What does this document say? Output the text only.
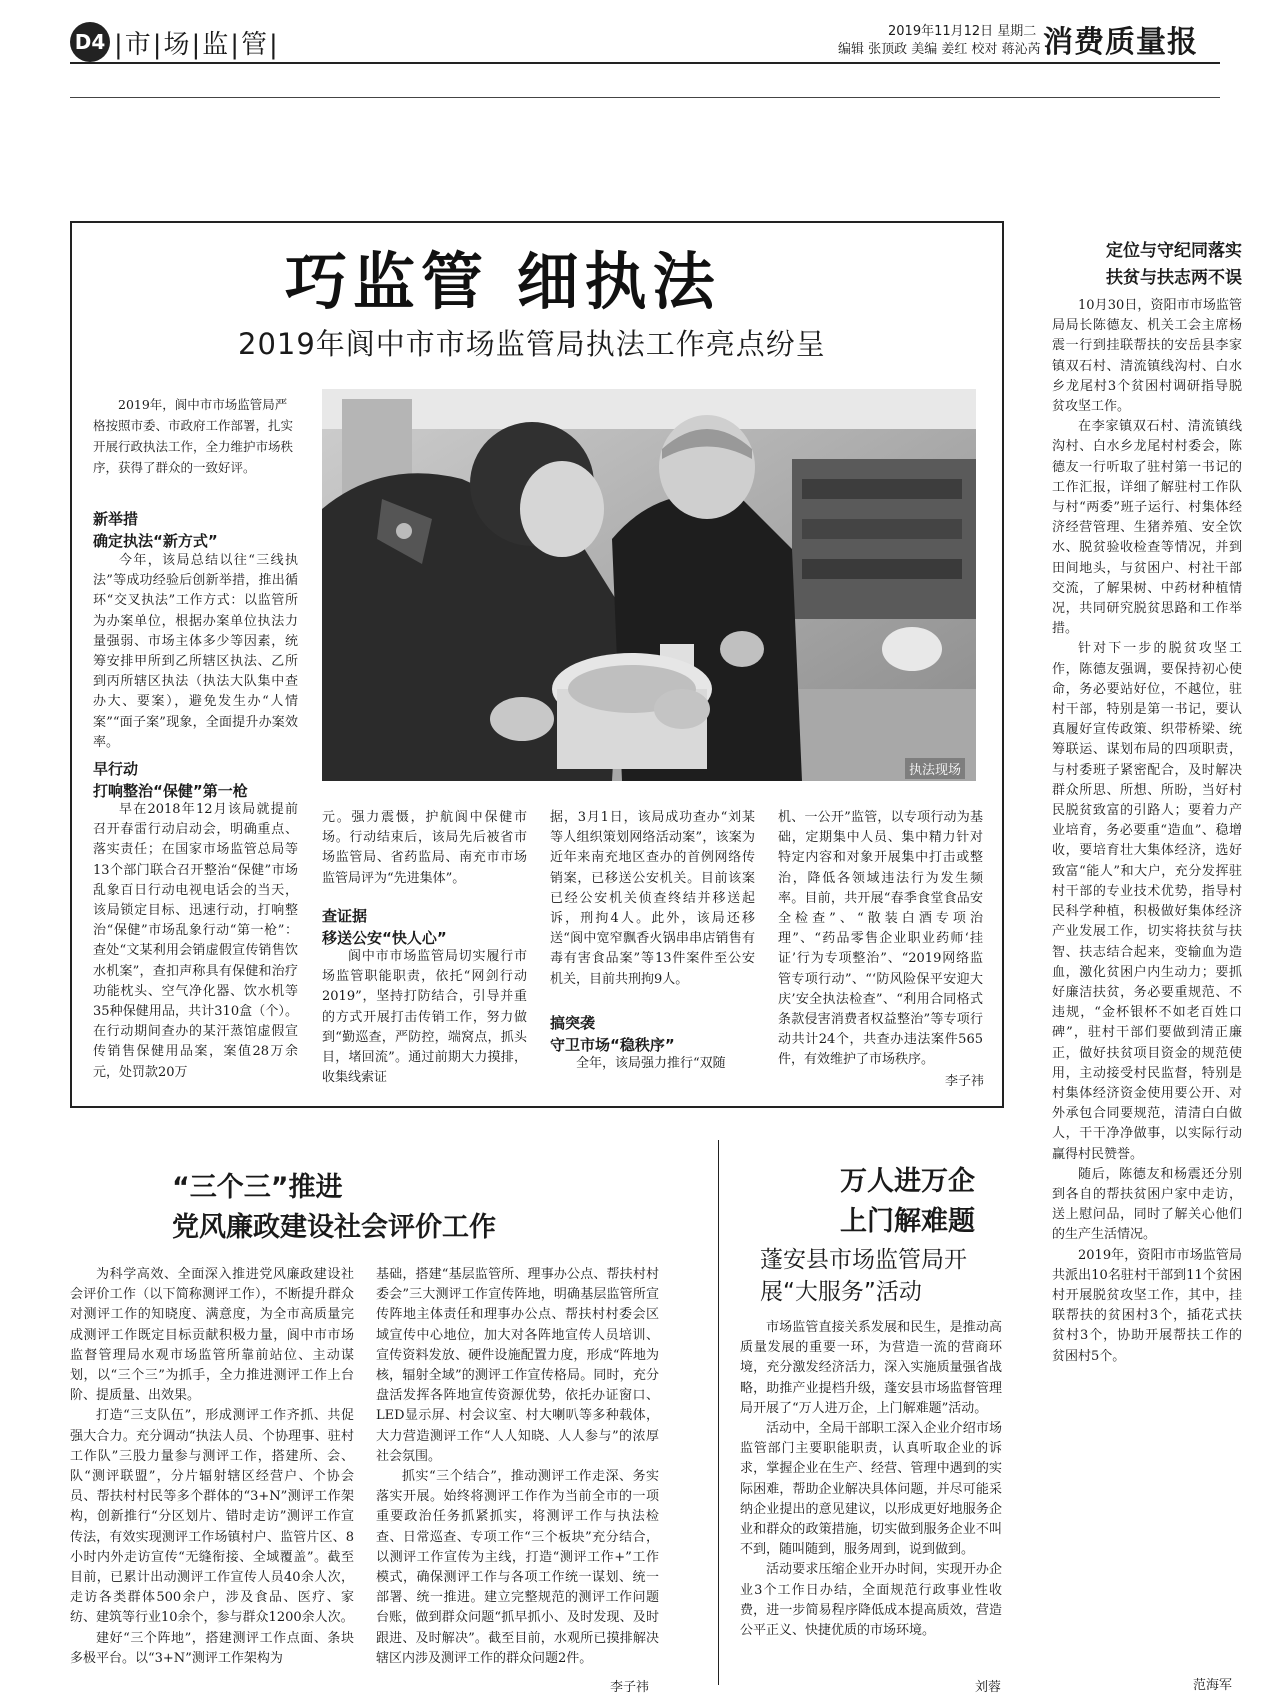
D4 |市|场|监|管|	2019年11月12日 星期二
编辑 张顶政 美编 姜红 校对 蒋沁芮 消费质量报
巧监管 细执法
2019年阆中市市场监管局执法工作亮点纷呈
2019年，阆中市市场监管局严格按照市委、市政府工作部署，扎实开展行政执法工作，全力维护市场秩序，获得了群众的一致好评。
执法现场
新举措
确定执法“新方式”
今年，该局总结以往“三线执法”等成功经验后创新举措，推出循环“交叉执法”工作方式：以监管所为办案单位，根据办案单位执法力量强弱、市场主体多少等因素，统筹安排甲所到乙所辖区执法、乙所到丙所辖区执法（执法大队集中查办大、要案），避免发生办“人情案”“面子案”现象，全面提升办案效率。
早行动
打响整治“保健”第一枪
早在2018年12月该局就提前召开春雷行动启动会，明确重点、落实责任；在国家市场监管总局等13个部门联合召开整治“保健”市场乱象百日行动电视电话会的当天，该局锁定目标、迅速行动，打响整治“保健”市场乱象行动“第一枪”：查处“文某利用会销虚假宣传销售饮水机案”，查扣声称具有保健和治疗功能枕头、空气净化器、饮水机等35种保健用品，共计310盒（个）。在行动期间查办的某汗蒸馆虚假宣传销售保健用品案，案值28万余元，处罚款20万
元。强力震慑，护航阆中保健市场。行动结束后，该局先后被省市场监管局、省药监局、南充市市场监管局评为“先进集体”。
查证据
移送公安“快人心”
阆中市市场监管局切实履行市场监管职能职责，依托“网剑行动2019”，坚持打防结合，引导并重的方式开展打击传销工作，努力做到“勤巡查，严防控，端窝点，抓头目，堵回流”。通过前期大力摸排，收集线索证
据，3月1日，该局成功查办“刘某等人组织策划网络活动案”，该案为近年来南充地区查办的首例网络传销案，已移送公安机关。目前该案已经公安机关侦查终结并移送起诉，刑拘4人。此外，该局还移送“阆中宽窄飘香火锅串串店销售有毒有害食品案”等13件案件至公安机关，目前共刑拘9人。
搞突袭
守卫市场“稳秩序”
全年，该局强力推行“双随
机、一公开”监管，以专项行动为基础，定期集中人员、集中精力针对特定内容和对象开展集中打击或整治，降低各领域违法行为发生频率。目前，共开展“春季食堂食品安全检查”、“散装白酒专项治理”、“药品零售企业职业药师‘挂证’行为专项整治”、“2019网络监管专项行动”、“‘防风险保平安迎大庆’安全执法检查”、“利用合同格式条款侵害消费者权益整治”等专项行动共计24个，共查办违法案件565件，有效维护了市场秩序。
李子祎
定位与守纪同落实
扶贫与扶志两不误

10月30日，资阳市市场监管局局长陈德友、机关工会主席杨震一行到挂联帮扶的安岳县李家镇双石村、清流镇线沟村、白水乡龙尾村3个贫困村调研指导脱贫攻坚工作。

在李家镇双石村、清流镇线沟村、白水乡龙尾村村委会，陈德友一行听取了驻村第一书记的工作汇报，详细了解驻村工作队与村“两委”班子运行、村集体经济经营管理、生猪养殖、安全饮水、脱贫验收检查等情况，并到田间地头，与贫困户、村社干部交流，了解果树、中药材种植情况，共同研究脱贫思路和工作举措。

针对下一步的脱贫攻坚工作，陈德友强调，要保持初心使命，务必要站好位，不越位，驻村干部，特别是第一书记，要认真履好宣传政策、织带桥梁、统筹联运、谋划布局的四项职责，与村委班子紧密配合，及时解决群众所思、所想、所盼，当好村民脱贫致富的引路人；要着力产业培育，务必要重“造血”、稳增收，要培育壮大集体经济，选好致富“能人”和大户，充分发挥驻村干部的专业技术优势，指导村民科学种植，积极做好集体经济产业发展工作，切实将扶贫与扶智、扶志结合起来，变输血为造血，激化贫困户内生动力；要抓好廉洁扶贫，务必要重规范、不违规，“金杯银杯不如老百姓口碑”，驻村干部们要做到清正廉正，做好扶贫项目资金的规范使用，主动接受村民监督，特别是村集体经济资金使用要公开、对外承包合同要规范，清清白白做人，干干净净做事，以实际行动赢得村民赞誉。

随后，陈德友和杨震还分别到各自的帮扶贫困户家中走访，送上慰问品，同时了解关心他们的生产生活情况。

2019年，资阳市市场监管局共派出10名驻村干部到11个贫困村开展脱贫攻坚工作，其中，挂联帮扶的贫困村3个，插花式扶贫村3个，协助开展帮扶工作的贫困村5个。

范海军
“三个三”推进
党风廉政建设社会评价工作

为科学高效、全面深入推进党风廉政建设社会评价工作（以下简称测评工作），不断提升群众对测评工作的知晓度、满意度，为全市高质量完成测评工作既定目标贡献积极力量，阆中市市场监督管理局水观市场监管所靠前站位、主动谋划，以“三个三”为抓手，全力推进测评工作上台阶、提质量、出效果。

打造“三支队伍”，形成测评工作齐抓、共促强大合力。充分调动“执法人员、个协理事、驻村工作队”三股力量参与测评工作，搭建所、会、队“测评联盟”，分片辐射辖区经营户、个协会员、帮扶村村民等多个群体的“3+N”测评工作架构，创新推行“分区划片、错时走访”测评工作宣传法，有效实现测评工作场镇村户、监管片区、8小时内外走访宣传“无缝衔接、全域覆盖”。截至目前，已累计出动测评工作宣传人员40余人次，走访各类群体500余户，涉及食品、医疗、家纺、建筑等行业10余个，参与群众1200余人次。

建好“三个阵地”，搭建测评工作点面、条块多极平台。以“3+N”测评工作架构为

基础，搭建“基层监管所、理事办公点、帮扶村村委会”三大测评工作宣传阵地，明确基层监管所宣传阵地主体责任和理事办公点、帮扶村村委会区域宣传中心地位，加大对各阵地宣传人员培训、宣传资料发放、硬件设施配置力度，形成“阵地为核，辐射全域”的测评工作宣传格局。同时，充分盘活发挥各阵地宣传资源优势，依托办证窗口、LED显示屏、村会议室、村大喇叭等多种载体，大力营造测评工作“人人知晓、人人参与”的浓厚社会氛围。

抓实“三个结合”，推动测评工作走深、务实落实开展。始终将测评工作作为当前全市的一项重要政治任务抓紧抓实，将测评工作与执法检查、日常巡查、专项工作“三个板块”充分结合，以测评工作宣传为主线，打造“测评工作+”工作模式，确保测评工作与各项工作统一谋划、统一部署、统一推进。建立完整规范的测评工作问题台账，做到群众问题“抓早抓小、及时发现、及时跟进、及时解决”。截至目前，水观所已摸排解决辖区内涉及测评工作的群众问题2件。

李子祎
万人进万企
上门解难题
蓬安县市场监管局开展“大服务”活动

市场监管直接关系发展和民生，是推动高质量发展的重要一环，为营造一流的营商环境，充分激发经济活力，深入实施质量强省战略，助推产业提档升级，蓬安县市场监督管理局开展了“万人进万企，上门解难题”活动。

活动中，全局干部职工深入企业介绍市场监管部门主要职能职责，认真听取企业的诉求，掌握企业在生产、经营、管理中遇到的实际困难，帮助企业解决具体问题，并尽可能采纳企业提出的意见建议，以形成更好地服务企业和群众的政策措施，切实做到服务企业不叫不到，随叫随到，服务周到，说到做到。

活动要求压缩企业开办时间，实现开办企业3个工作日办结，全面规范行政事业性收费，进一步简易程序降低成本提高质效，营造公平正义、快捷优质的市场环境。

刘蓉
